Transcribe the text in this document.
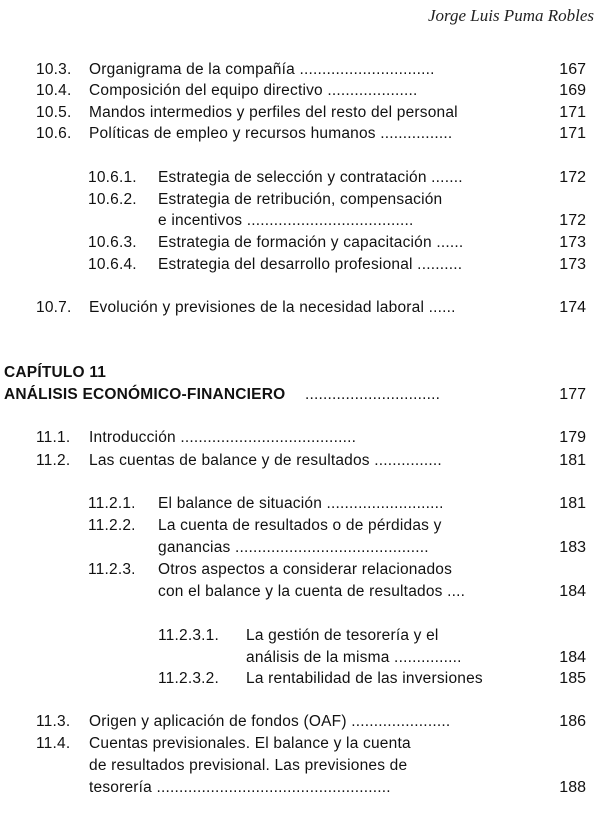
Jorge Luis Puma Robles
10.3. Organigrama de la compañía ..............................	167
10.4. Composición del equipo directivo ....................	169
10.5. Mandos intermedios y perfiles del resto del personal	171
10.6. Políticas de empleo y recursos humanos ................	171
10.6.1. Estrategia de selección y contratación .......	172
10.6.2. Estrategia de retribución, compensación
e incentivos .....................................	172
10.6.3. Estrategia de formación y capacitación ......	173
10.6.4. Estrategia del desarrollo profesional ..........	173
10.7. Evolución y previsiones de la necesidad laboral ......	174
CAPÍTULO 11
ANÁLISIS ECONÓMICO-FINANCIERO ..............................	177
11.1. Introducción .......................................	179
11.2. Las cuentas de balance y de resultados ...............	181
11.2.1. El balance de situación ..........................	181
11.2.2. La cuenta de resultados o de pérdidas y
ganancias ...........................................	183
11.2.3. Otros aspectos a considerar relacionados
con el balance y la cuenta de resultados ....	184
11.2.3.1. La gestión de tesorería y el
análisis de la misma ...............	184
11.2.3.2. La rentabilidad de las inversiones	185
11.3. Origen y aplicación de fondos (OAF) ......................	186
11.4. Cuentas previsionales. El balance y la cuenta
de resultados previsional. Las previsiones de
tesorería ....................................................	188
